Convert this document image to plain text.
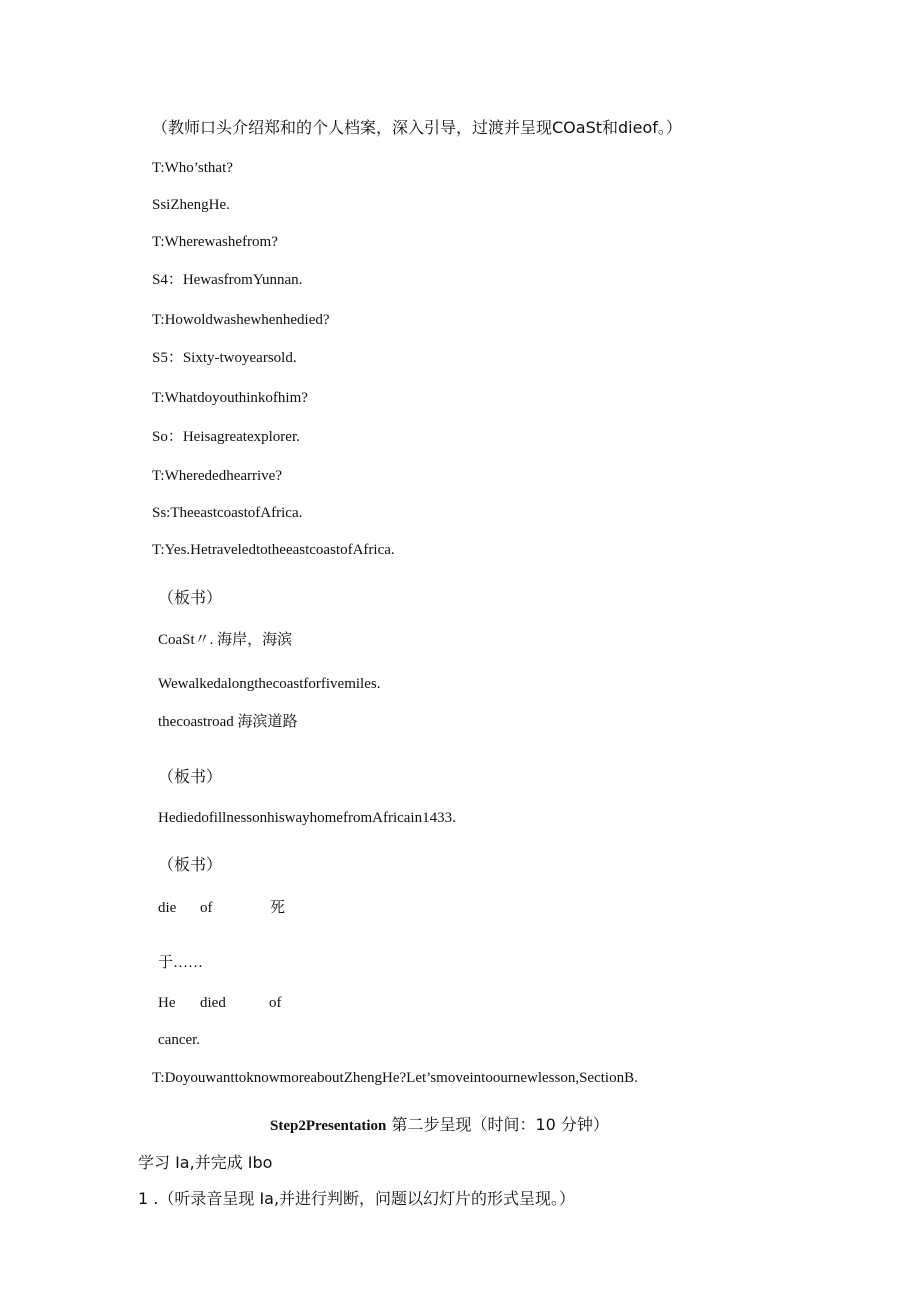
（教师口头介绍郑和的个人档案，深入引导，过渡并呈现COaSt和dieof。）
T:Who’sthat?
SsiZhengHe.
T:Wherewashefrom?
S4：HewasfromYunnan.
T:Howoldwashewhenhedied?
S5：Sixty-twoyearsold.
T:Whatdoyouthinkofhim?
So：Heisagreatexplorer.
T:Wherededhearrive?
Ss:TheeastcoastofAfrica.
T:Yes.HetraveledtotheeastcoastofAfrica.
（板书）
CoaSt〃. 海岸，海滨
Wewalkedalongthecoastforfivemiles.
thecoastroad 海滨道路
（板书）
HediedofillnessonhiswayhomefromAfricain1433.
（板书）
die of	死
于……
He died	of
cancer.
T:DoyouwanttoknowmoreaboutZhengHe?Let’smoveintoournewlesson,SectionB.
Step2Presentation 第二步呈现（时间：10 分钟）
学习 Ia,并完成 Ibo
1 .（听录音呈现 Ia,并进行判断，问题以幻灯片的形式呈现。）
